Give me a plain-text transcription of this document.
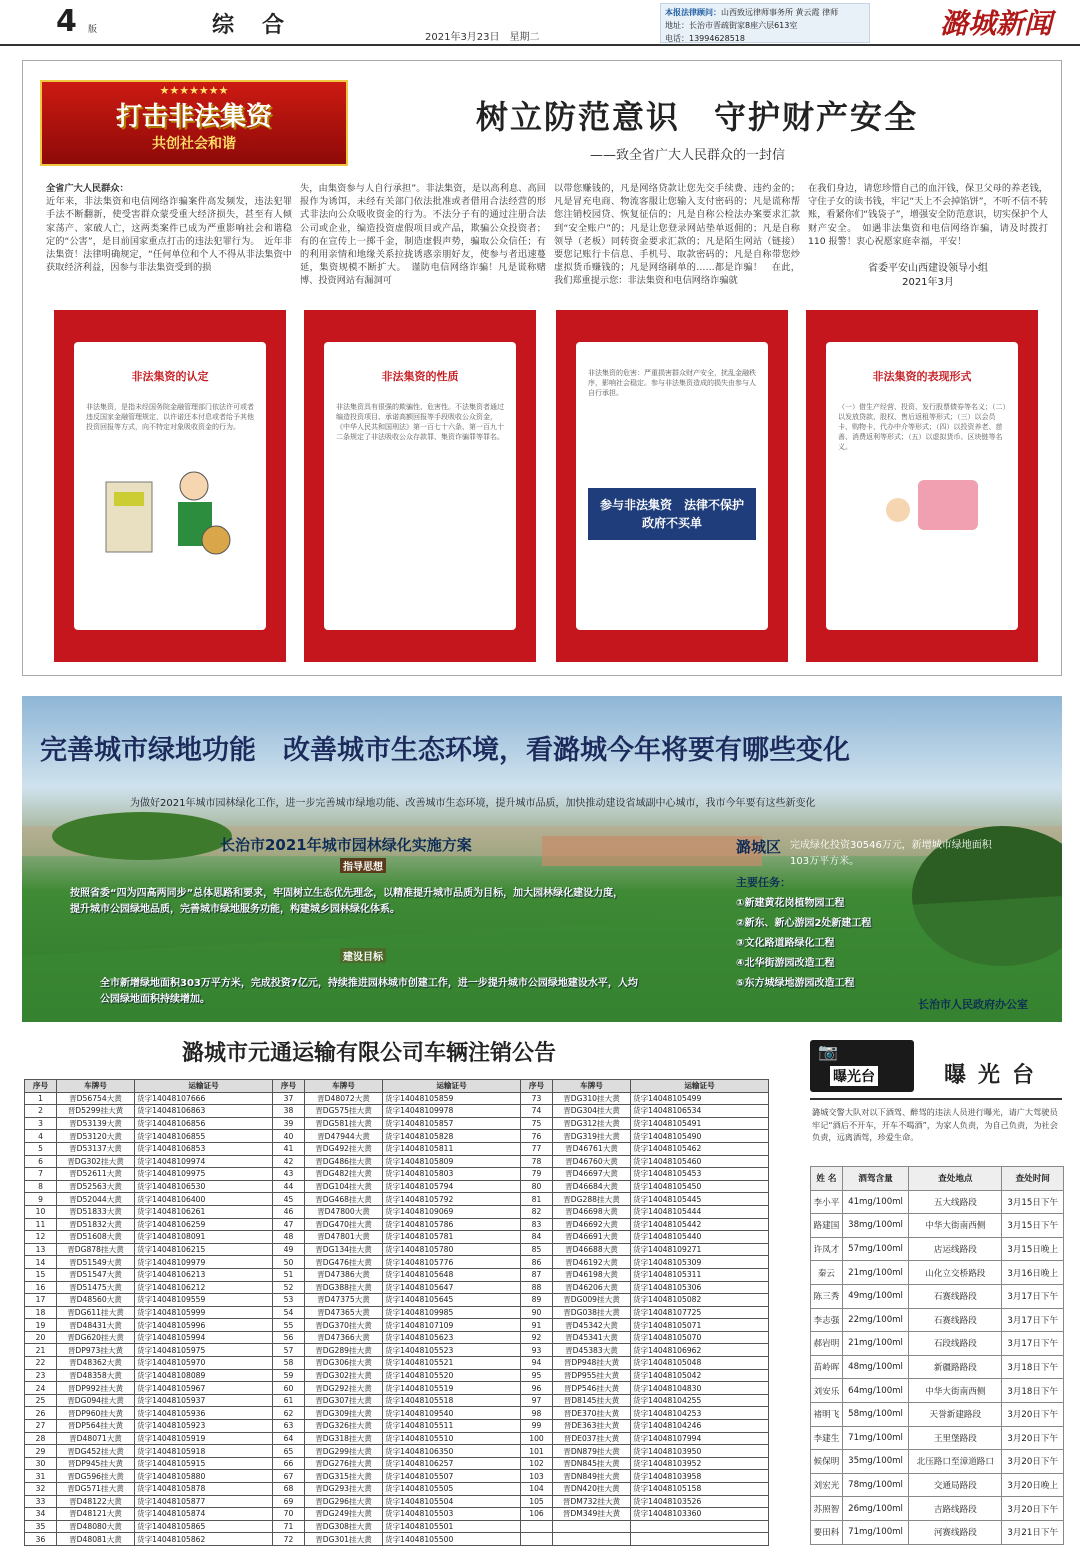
4 版	综合	2021年3月23日　星期二
本报法律顾问：山西致远律师事务所 黄云霞 律师
地址：长治市晋疏街家8座六层613室
电话：13994628518	潞城新闻
★★★★★★★
打击非法集资
共创社会和谐
树立防范意识　守护财产安全
——致全省广大人民群众的一封信
全省广大人民群众：
近年来，非法集资和电信网络诈骗案件高发频发，违法犯罪手法不断翻新，使受害群众蒙受重大经济损失，甚至有人倾家荡产、家破人亡，这两类案件已成为严重影响社会和谐稳定的“公害”，是目前国家重点打击的违法犯罪行为。　近年非法集资！法律明确规定，“任何单位和个人不得从非法集资中获取经济利益，因参与非法集资受到的损
失，由集资参与人自行承担”。非法集资，是以高利息、高回报作为诱饵，未经有关部门依法批准或者借用合法经营的形式非法向公众吸收资金的行为。不法分子有的通过注册合法公司或企业，编造投资虚假项目或产品，欺骗公众投资者；有的在宣传上一掷千金，制造虚假声势，骗取公众信任；有的利用亲情和地缘关系拉拢诱惑亲朋好友，使参与者迅速蔓延，集资规模不断扩大。　谨防电信网络诈骗！凡是谎称赌博、投资网站有漏洞可
以带您赚钱的，凡是网络贷款让您先交手续费、违约金的；凡是冒充电商、物流客服让您输入支付密码的；凡是谎称帮您注销校园贷、恢复征信的；凡是自称公检法办案要求汇款到“安全账户”的；凡是让您登录网站垫单返佣的；凡是自称领导（老板）同转资金要求汇款的；凡是陌生网站（链接）要您记账行卡信息、手机号、取款密码的；凡是自称带您炒虚拟货币赚钱的；凡是网络刷单的……都是诈骗！　在此，我们郑重提示您：非法集资和电信网络诈骗就
在我们身边，请您珍惜自己的血汗钱，保卫父母的养老钱，守住子女的读书钱，牢记“天上不会掉馅饼”，不听不信不转账，看紧你们“钱袋子”，增强安全防范意识，切实保护个人财产安全。　如遇非法集资和电信网络诈骗，请及时拨打 110 报警！衷心祝愿家庭幸福，平安！
省委平安山西建设领导小组
2021年3月
非法集资的认定
非法集资，是指未经国务院金融管理部门依法许可或者违反国家金融管理规定，以许诺还本付息或者给予其他投资回报等方式，向不特定对象吸收资金的行为。
非法集资的性质
非法集资具有很强的欺骗性、危害性。不法集资者通过编造投资项目、承诺高额回报等手段吸收公众资金，《中华人民共和国刑法》第一百七十六条、第一百九十二条规定了非法吸收公众存款罪、集资诈骗罪等罪名。
非法集资的危害：严重损害群众财产安全，扰乱金融秩序，影响社会稳定。参与非法集资造成的损失由参与人自行承担。
参与非法集资　法律不保护　政府不买单
非法集资的表现形式
（一）借生产经营、投资、发行股票债券等名义；（二）以发放贷款、股权、售后返租等形式；（三）以会员卡、购物卡、代办中介等形式；（四）以投资养老、慈善、消费返利等形式；（五）以虚拟货币、区块链等名义。
完善城市绿地功能　改善城市生态环境，看潞城今年将要有哪些变化
为做好2021年城市园林绿化工作，进一步完善城市绿地功能、改善城市生态环境，提升城市品质，加快推动建设省域副中心城市，我市今年要有这些新变化
长治市2021年城市园林绿化实施方案
指导思想
按照省委“四为四高两同步”总体思路和要求，牢固树立生态优先理念，以精准提升城市品质为目标，加大园林绿化建设力度，提升城市公园绿地品质，完善城市绿地服务功能，构建城乡园林绿化体系。
建设目标
全市新增绿地面积303万平方米，完成投资7亿元，持续推进园林城市创建工作，进一步提升城市公园绿地建设水平，人均公园绿地面积持续增加。
潞城区 完成绿化投资30546万元，新增城市绿地面积103万平方米。
主要任务：
①新建黄花岗植物园工程
②新东、新心游园2处新建工程
③文化路道路绿化工程
④北华街游园改造工程
⑤东方城绿地游园改造工程
长治市人民政府办公室
潞城市元通运输有限公司车辆注销公告
序号	车牌号	运输证号	序号	车牌号	运输证号	序号	车牌号	运输证号
1	晋D56754大黄	货字14048107666	37	晋D48072大黄	货字14048105859	73	晋DG310挂大黄	货字14048105499
2	晋D5299挂大黄	货字14048106863	38	晋DG575挂大黄	货字14048109978	74	晋DG304挂大黄	货字14048106534
3	晋D53139大黄	货字14048106856	39	晋DG581挂大黄	货字14048105857	75	晋DG312挂大黄	货字14048105491
4	晋D53120大黄	货字14048106855	40	晋D47944大黄	货字14048105828	76	晋DG319挂大黄	货字14048105490
5	晋D53137大黄	货字14048106853	41	晋DG492挂大黄	货字14048105811	77	晋D46761大黄	货字14048105462
6	晋DG302挂大黄	货字14048109974	42	晋DG486挂大黄	货字14048105809	78	晋D46760大黄	货字14048105460
7	晋D52611大黄	货字14048109975	43	晋DG482挂大黄	货字14048105803	79	晋D46697大黄	货字14048105453
8	晋D52563大黄	货字14048106530	44	晋DG104挂大黄	货字14048105794	80	晋D46684大黄	货字14048105450
9	晋D52044大黄	货字14048106400	45	晋DG468挂大黄	货字14048105792	81	晋DG288挂大黄	货字14048105445
10	晋D51833大黄	货字14048106261	46	晋D47800大黄	货字14048109069	82	晋D46698大黄	货字14048105444
11	晋D51832大黄	货字14048106259	47	晋DG470挂大黄	货字14048105786	83	晋D46692大黄	货字14048105442
12	晋D51608大黄	货字14048108091	48	晋D47801大黄	货字14048105781	84	晋D46691大黄	货字14048105440
13	晋DG878挂大黄	货字14048106215	49	晋DG134挂大黄	货字14048105780	85	晋D46688大黄	货字14048109271
14	晋D51549大黄	货字14048109979	50	晋DG476挂大黄	货字14048105776	86	晋D46192大黄	货字14048105309
15	晋D51547大黄	货字14048106213	51	晋D47386大黄	货字14048105648	87	晋D46198大黄	货字14048105311
16	晋D51475大黄	货字14048106212	52	晋DG388挂大黄	货字14048105647	88	晋D46206大黄	货字14048105306
17	晋D48560大黄	货字14048109559	53	晋D47375大黄	货字14048105645	89	晋DG009挂大黄	货字14048105082
18	晋DG611挂大黄	货字14048105999	54	晋D47365大黄	货字14048109985	90	晋DG038挂大黄	货字14048107725
19	晋D48431大黄	货字14048105996	55	晋DG370挂大黄	货字14048107109	91	晋D45342大黄	货字14048105071
20	晋DG620挂大黄	货字14048105994	56	晋D47366大黄	货字14048105623	92	晋D45341大黄	货字14048105070
21	晋DP973挂大黄	货字14048105975	57	晋DG289挂大黄	货字14048105523	93	晋D45383大黄	货字14048106962
22	晋D48362大黄	货字14048105970	58	晋DG306挂大黄	货字14048105521	94	晋DP948挂大黄	货字14048105048
23	晋D48358大黄	货字14048108089	59	晋DG302挂大黄	货字14048105520	95	晋DP955挂大黄	货字14048105042
24	晋DP992挂大黄	货字14048105967	60	晋DG292挂大黄	货字14048105519	96	晋DP546挂大黄	货字14048104830
25	晋DG094挂大黄	货字14048105937	61	晋DG307挂大黄	货字14048105518	97	晋D8145挂大黄	货字14048104255
26	晋DP960挂大黄	货字14048105936	62	晋DG309挂大黄	货字14048109540	98	晋DE370挂大黄	货字14048104253
27	晋DP564挂大黄	货字14048105923	63	晋DG326挂大黄	货字14048105511	99	晋DE363挂大黄	货字14048104246
28	晋D48071大黄	货字14048105919	64	晋DG318挂大黄	货字14048105510	100	晋DE037挂大黄	货字14048107994
29	晋DG452挂大黄	货字14048105918	65	晋DG299挂大黄	货字14048106350	101	晋DN879挂大黄	货字14048103950
30	晋DP945挂大黄	货字14048105915	66	晋DG276挂大黄	货字14048106257	102	晋DN845挂大黄	货字14048103952
31	晋DG596挂大黄	货字14048105880	67	晋DG315挂大黄	货字14048105507	103	晋DN849挂大黄	货字14048103958
32	晋DG571挂大黄	货字14048105878	68	晋DG293挂大黄	货字14048105505	104	晋DN420挂大黄	货字14048105158
33	晋D48122大黄	货字14048105877	69	晋DG296挂大黄	货字14048105504	105	晋DM732挂大黄	货字14048103526
34	晋D48121大黄	货字14048105874	70	晋DG249挂大黄	货字14048105503	106	晋DM349挂大黄	货字14048103360
35	晋D48080大黄	货字14048105865	71	晋DG308挂大黄	货字14048105501			
36	晋D48081大黄	货字14048105862	72	晋DG301挂大黄	货字14048105500			
📷
曝光台	曝光台
潞城交警大队对以下酒驾、醉驾的违法人员进行曝光，请广大驾驶员牢记“酒后不开车，开车不喝酒”，为家人负责，为自己负责，为社会负责，远离酒驾，珍爱生命。
姓 名	酒驾含量	查处地点	查处时间
李小平	41mg/100ml	五大线路段	3月15日下午
路建国	38mg/100ml	中华大街南西侧	3月15日下午
许凤才	57mg/100ml	店运线路段	3月15日晚上
秦云	21mg/100ml	山化立交桥路段	3月16日晚上
陈三秀	49mg/100ml	石赛线路段	3月17日下午
李志强	22mg/100ml	石赛线路段	3月17日下午
郝岩明	21mg/100ml	石段线路段	3月17日下午
苗岭晖	48mg/100ml	新疆路路段	3月18日下午
刘安乐	64mg/100ml	中华大街南西侧	3月18日下午
褚明飞	58mg/100ml	天誉新建路段	3月20日下午
李建生	71mg/100ml	王里堡路段	3月20日下午
候保明	35mg/100ml	北压路口至漳道路口	3月20日下午
刘宏光	78mg/100ml	交通局路段	3月20日晚上
苏照智	26mg/100ml	吉路线路段	3月20日下午
要田科	71mg/100ml	河赛线路段	3月21日下午
